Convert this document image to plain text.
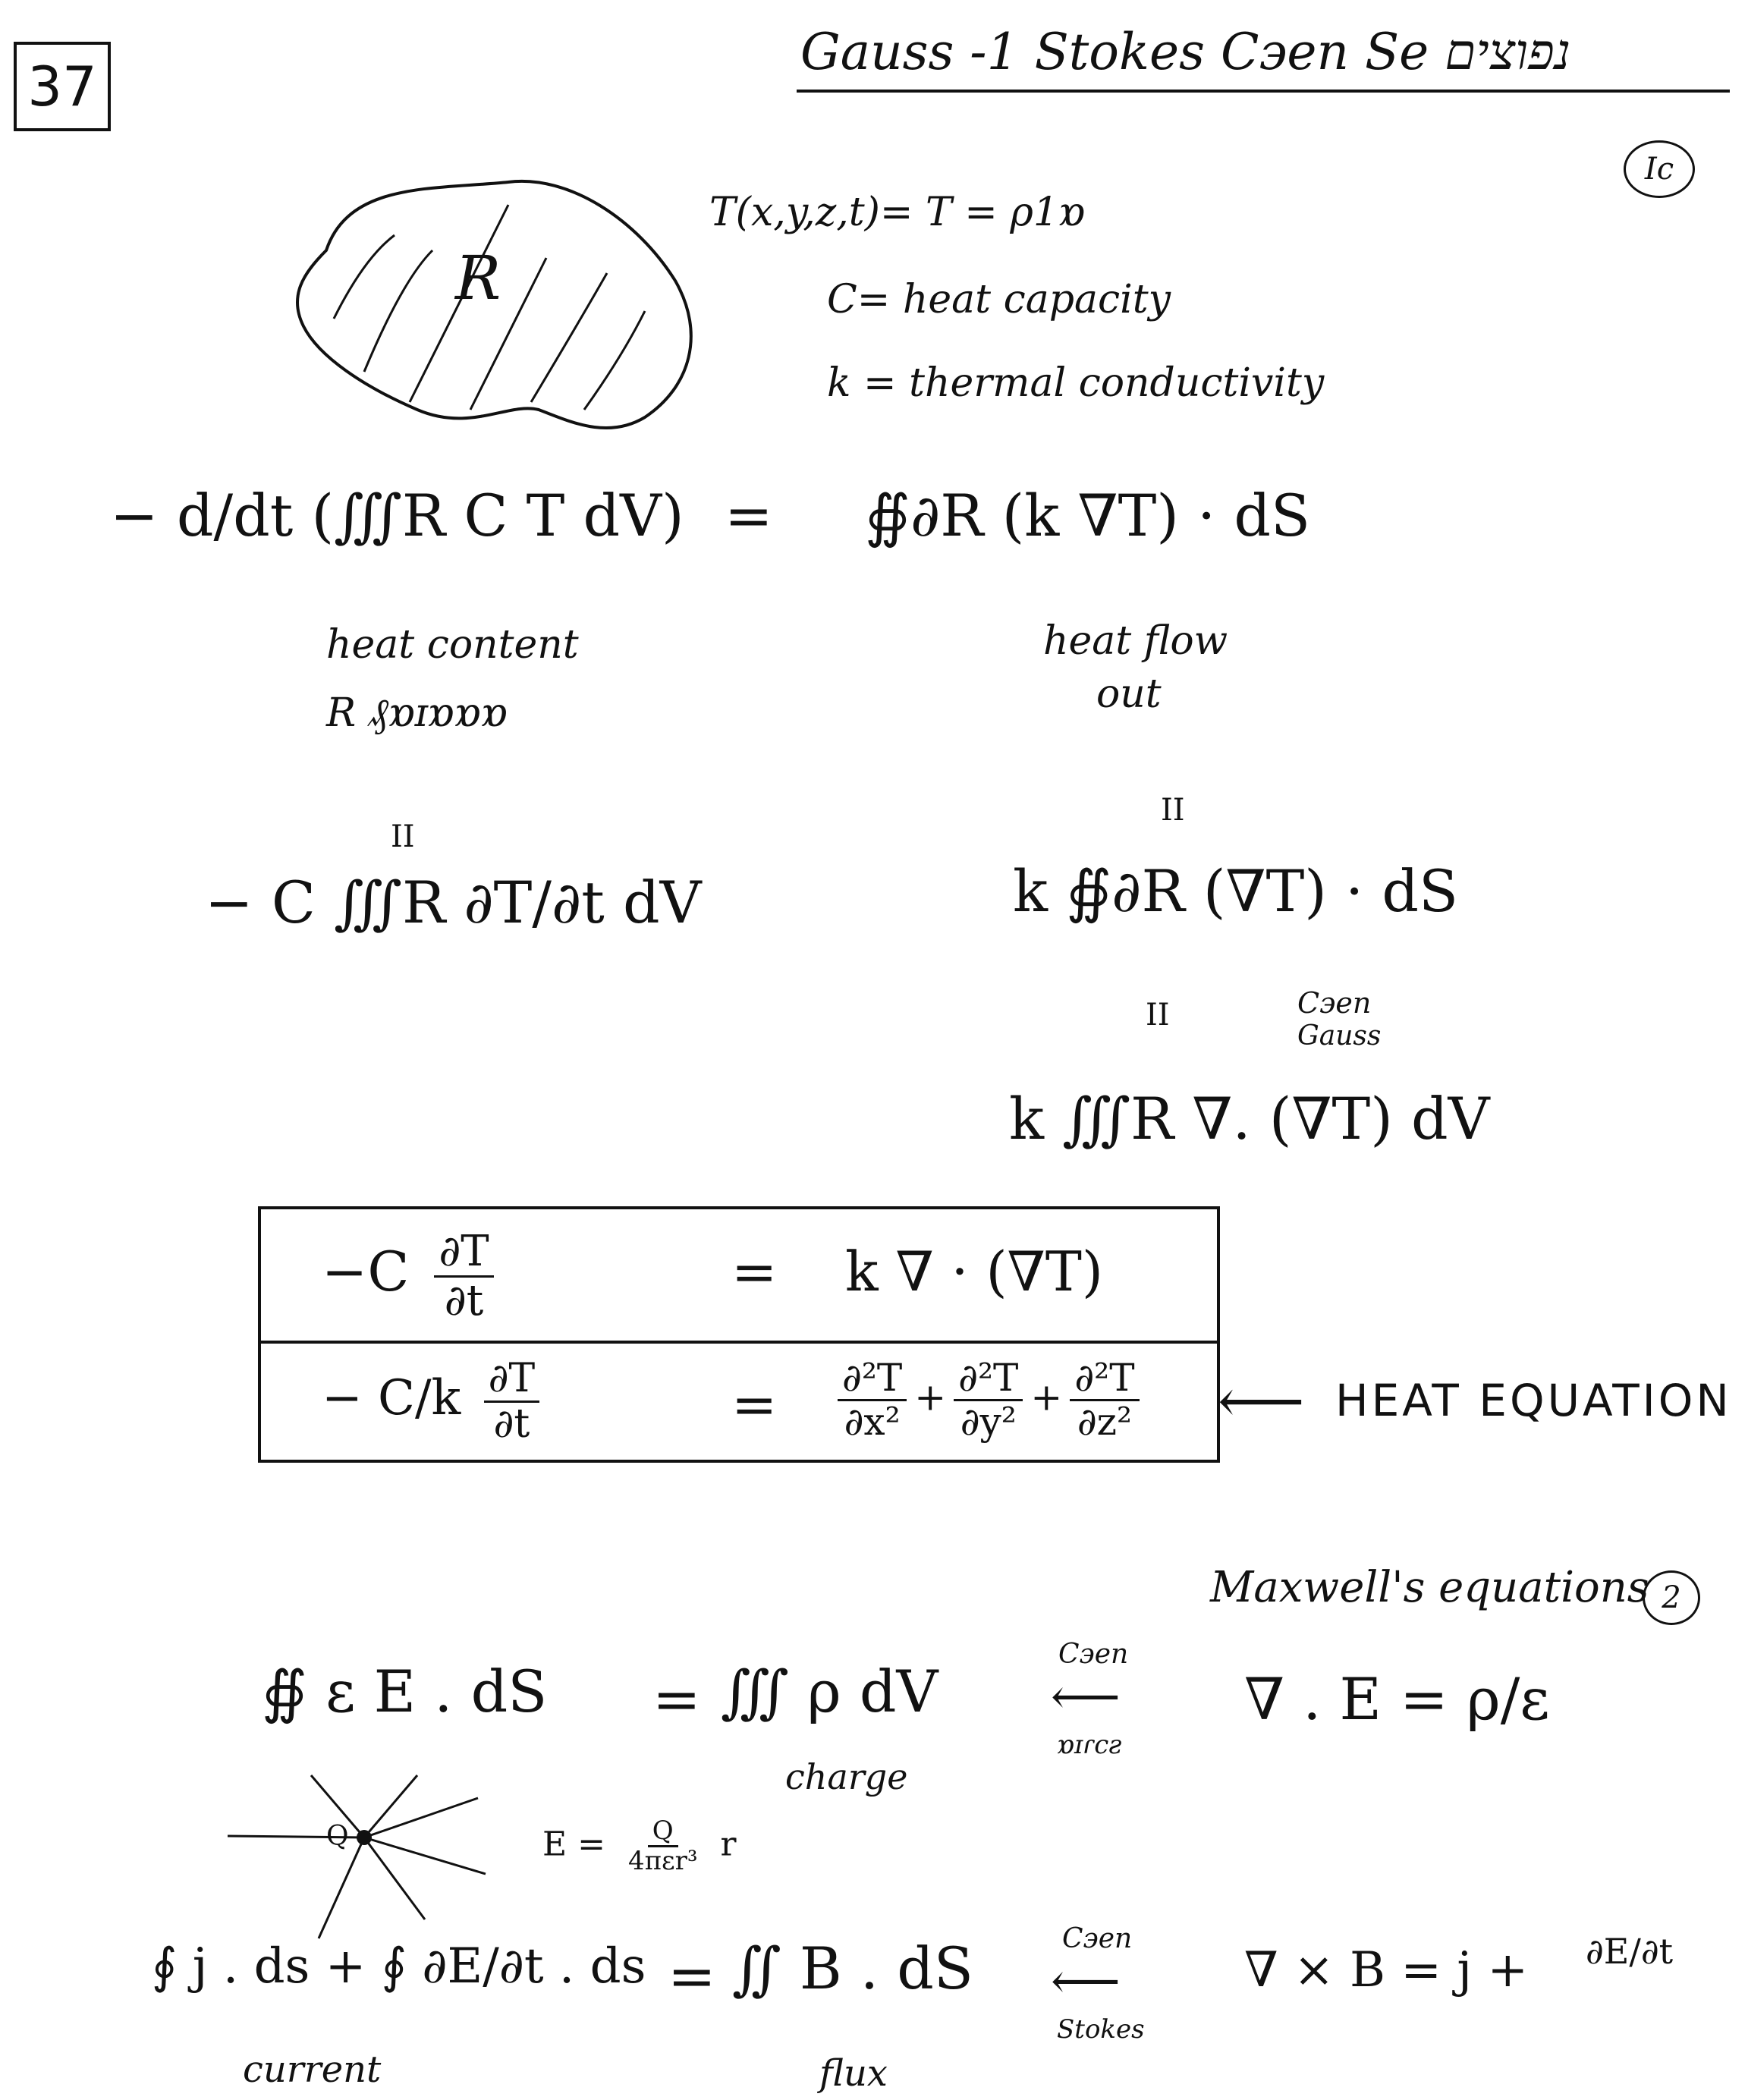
37
Gauss -1 Stokes Cэen Se נפוצים
Ic
R
T(x,y,z,t)= T = ρ1ɒ
C= heat capacity
k = thermal conductivity
− d/dt (∭R C T dV) = ∯∂R (k ∇T) · dS
heat content
R ₰ɒɪɒɒɒ
heat flow
out
II
II
− C ∭R ∂T/∂t dV	k ∯∂R (∇T) · dS
II	Cэen
Gauss
k ∭R ∇. (∇T) dV
$-C \frac{\partial T}{\partial t}$	= k ∇ · (∇T)
− $C/k \frac{\partial T}{\partial t}$	= $\frac{\text{∂²T}}{\text{∂x²}} + \frac{\text{∂²T}}{\text{∂y²}} + \frac{\text{∂²T}}{\text{∂z²}}$ ⟵ HEAT EQUATION
Maxwell's equations 2
∯ ε E . dS = ∭ ρ dV
charge
Cэen
⟵
ɒɪɾcƨ
∇ . E = ρ/ε
Q	$E = \frac{Q}{\text{4πεr³}}$ r
∮ j . ds + ∮ ∂E/∂t . ds = ∬ B . dS	Cэen
⟵
Stokes
∇ × B = j + ∂E/∂t
current	flux
